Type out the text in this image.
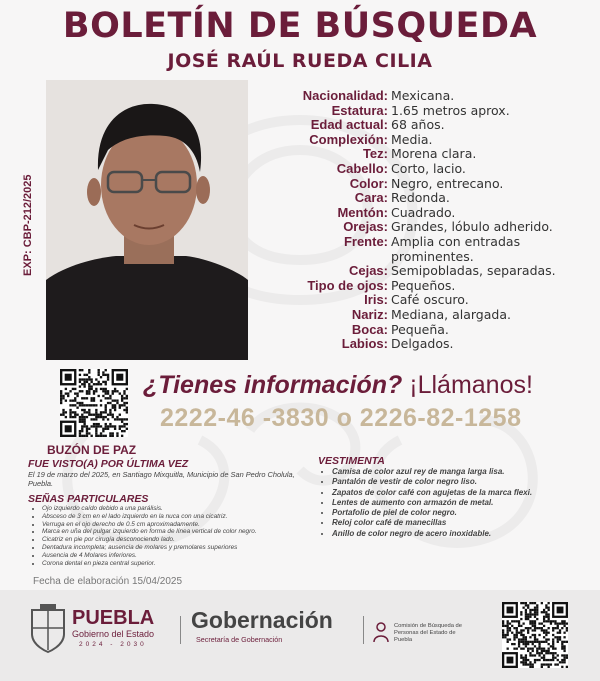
BOLETÍN DE BÚSQUEDA
JOSÉ RAÚL RUEDA CILIA
EXP: CBP-212/2025
Nacionalidad: Mexicana.
Estatura: 1.65 metros aprox.
Edad actual: 68 años.
Complexión: Media.
Tez: Morena clara.
Cabello: Corto, lacio.
Color: Negro, entrecano.
Cara: Redonda.
Mentón: Cuadrado.
Orejas: Grandes, lóbulo adherido.
Frente: Amplia con entradas
prominentes.
Cejas: Semipobladas, separadas.
Tipo de ojos: Pequeños.
Iris: Café oscuro.
Nariz: Mediana, alargada.
Boca: Pequeña.
Labios: Delgados.
¿Tienes información? ¡Llámanos!
2222-46 -3830 o 2226-82-1258
BUZÓN DE PAZ
FUE VISTO(A) POR ÚLTIMA VEZ
El 19 de marzo del 2025, en Santiago Mixquitla, Municipio de San Pedro Cholula, Puebla.
SEÑAS PARTICULARES
• Ojo izquierdo caído debido a una parálisis.
• Absceso de 3 cm en el lado izquierdo en la nuca con una cicatriz.
• Verruga en el ojo derecho de 0.5 cm aproximadamente.
• Marca en uña del pulgar izquierdo en forma de línea vertical de color negro.
• Cicatriz en pie por cirugía desconociendo lado.
• Dentadura incompleta; ausencia de molares y premolares superiores
• Ausencia de 4 Molares inferiores.
• Corona dental en pieza central superior.
VESTIMENTA
• Camisa de color azul rey de manga larga lisa.
• Pantalón de vestir de color negro liso.
• Zapatos de color café con agujetas de la marca flexi.
• Lentes de aumento con armazón de metal.
• Portafolio de piel de color negro.
• Reloj color café de manecillas
• Anillo de color negro de acero inoxidable.
Fecha de elaboración 15/04/2025
PUEBLA
Gobierno del Estado
2024 - 2030
Gobernación
Secretaría de Gobernación
Comisión de Búsqueda de Personas del Estado de Puebla
